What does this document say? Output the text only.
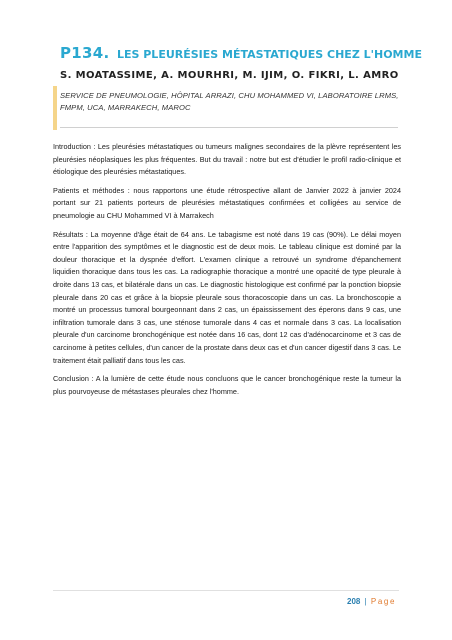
P134. LES PLEURÉSIES MÉTASTATIQUES CHEZ L'HOMME
S. MOATASSIME, A. MOURHRI, M. IJIM, O. FIKRI, L. AMRO
SERVICE DE PNEUMOLOGIE, HÔPITAL ARRAZI, CHU MOHAMMED VI, LABORATOIRE LRMS, FMPM, UCA, MARRAKECH, MAROC

Introduction : Les pleurésies métastatiques ou tumeurs malignes secondaires de la plèvre représentent les pleurésies néoplasiques les plus fréquentes. But du travail : notre but est d'étudier le profil radio-clinique et étiologique des pleurésies métastatiques.

Patients et méthodes : nous rapportons une étude rétrospective allant de Janvier 2022 à janvier 2024 portant sur 21 patients porteurs de pleurésies métastatiques confirmées et colligées au service de pneumologie au CHU Mohammed VI à Marrakech

Résultats : La moyenne d'âge était de 64 ans. Le tabagisme est noté dans 19 cas (90%). Le délai moyen entre l'apparition des symptômes et le diagnostic est de deux mois. Le tableau clinique est dominé par la douleur thoracique et la dyspnée d'effort. L'examen clinique a retrouvé un syndrome d'épanchement liquidien thoracique dans tous les cas. La radiographie thoracique a montré une opacité de type pleurale à droite dans 13 cas, et bilatérale dans un cas. Le diagnostic histologique est confirmé par la ponction biopsie pleurale dans 20 cas et grâce à la biopsie pleurale sous thoracoscopie dans un cas. La bronchoscopie a montré un processus tumoral bourgeonnant dans 2 cas, un épaississement des éperons dans 9 cas, une infiltration tumorale dans 3 cas, une sténose tumorale dans 4 cas et normale dans 3 cas. La localisation pleurale d'un carcinome bronchogénique est notée dans 16 cas, dont 12 cas d'adénocarcinome et 3 cas de carcinome à petites cellules, d'un cancer de la prostate dans deux cas et d'un cancer digestif dans 3 cas. Le traitement était palliatif dans tous les cas.

Conclusion : A la lumière de cette étude nous concluons que le cancer bronchogénique reste la tumeur la plus pourvoyeuse de métastases pleurales chez l'homme.

208 | Page
